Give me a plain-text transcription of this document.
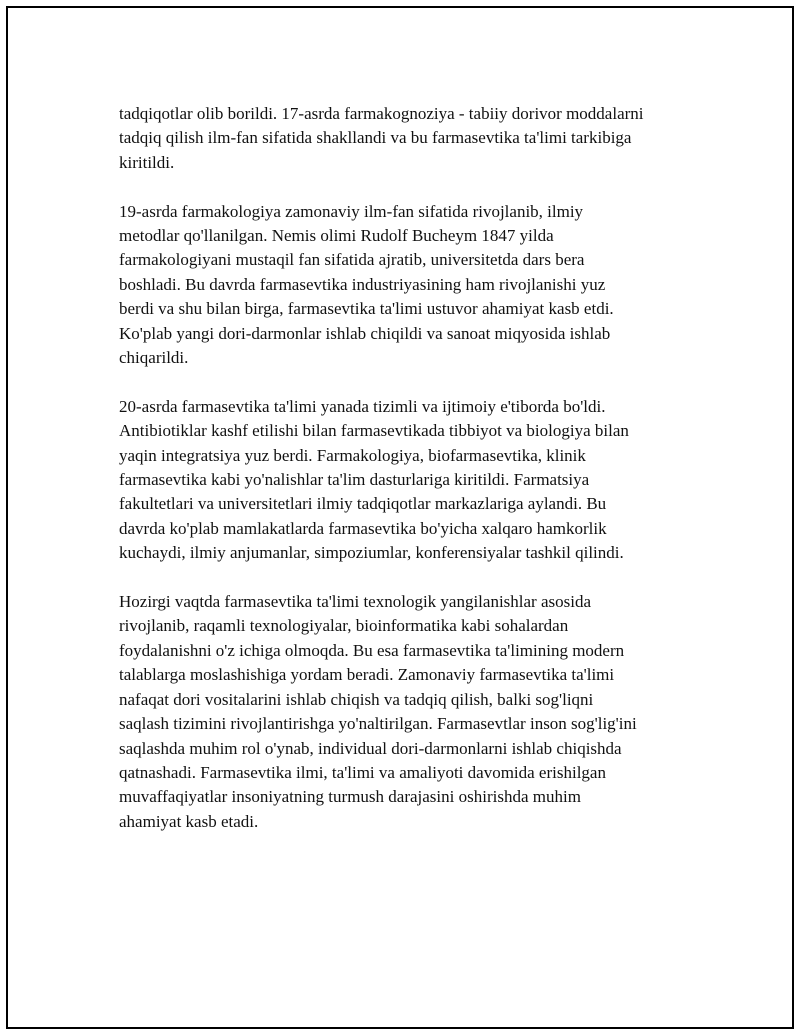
tadqiqotlar olib borildi. 17-asrda farmakognoziya - tabiiy dorivor moddalarni
tadqiq qilish ilm-fan sifatida shakllandi va bu farmasevtika ta'limi tarkibiga
kiritildi.

19-asrda farmakologiya zamonaviy ilm-fan sifatida rivojlanib, ilmiy
metodlar qo'llanilgan. Nemis olimi Rudolf Bucheym 1847 yilda
farmakologiyani mustaqil fan sifatida ajratib, universitetda dars bera
boshladi. Bu davrda farmasevtika industriyasining ham rivojlanishi yuz
berdi va shu bilan birga, farmasevtika ta'limi ustuvor ahamiyat kasb etdi.
Ko'plab yangi dori-darmonlar ishlab chiqildi va sanoat miqyosida ishlab
chiqarildi.

20-asrda farmasevtika ta'limi yanada tizimli va ijtimoiy e'tiborda bo'ldi.
Antibiotiklar kashf etilishi bilan farmasevtikada tibbiyot va biologiya bilan
yaqin integratsiya yuz berdi. Farmakologiya, biofarmasevtika, klinik
farmasevtika kabi yo'nalishlar ta'lim dasturlariga kiritildi. Farmatsiya
fakultetlari va universitetlari ilmiy tadqiqotlar markazlariga aylandi. Bu
davrda ko'plab mamlakatlarda farmasevtika bo'yicha xalqaro hamkorlik
kuchaydi, ilmiy anjumanlar, simpoziumlar, konferensiyalar tashkil qilindi.

Hozirgi vaqtda farmasevtika ta'limi texnologik yangilanishlar asosida
rivojlanib, raqamli texnologiyalar, bioinformatika kabi sohalardan
foydalanishni o'z ichiga olmoqda. Bu esa farmasevtika ta'limining modern
talablarga moslashishiga yordam beradi. Zamonaviy farmasevtika ta'limi
nafaqat dori vositalarini ishlab chiqish va tadqiq qilish, balki sog'liqni
saqlash tizimini rivojlantirishga yo'naltirilgan. Farmasevtlar inson sog'lig'ini
saqlashda muhim rol o'ynab, individual dori-darmonlarni ishlab chiqishda
qatnashadi. Farmasevtika ilmi, ta'limi va amaliyoti davomida erishilgan
muvaffaqiyatlar insoniyatning turmush darajasini oshirishda muhim
ahamiyat kasb etadi.
